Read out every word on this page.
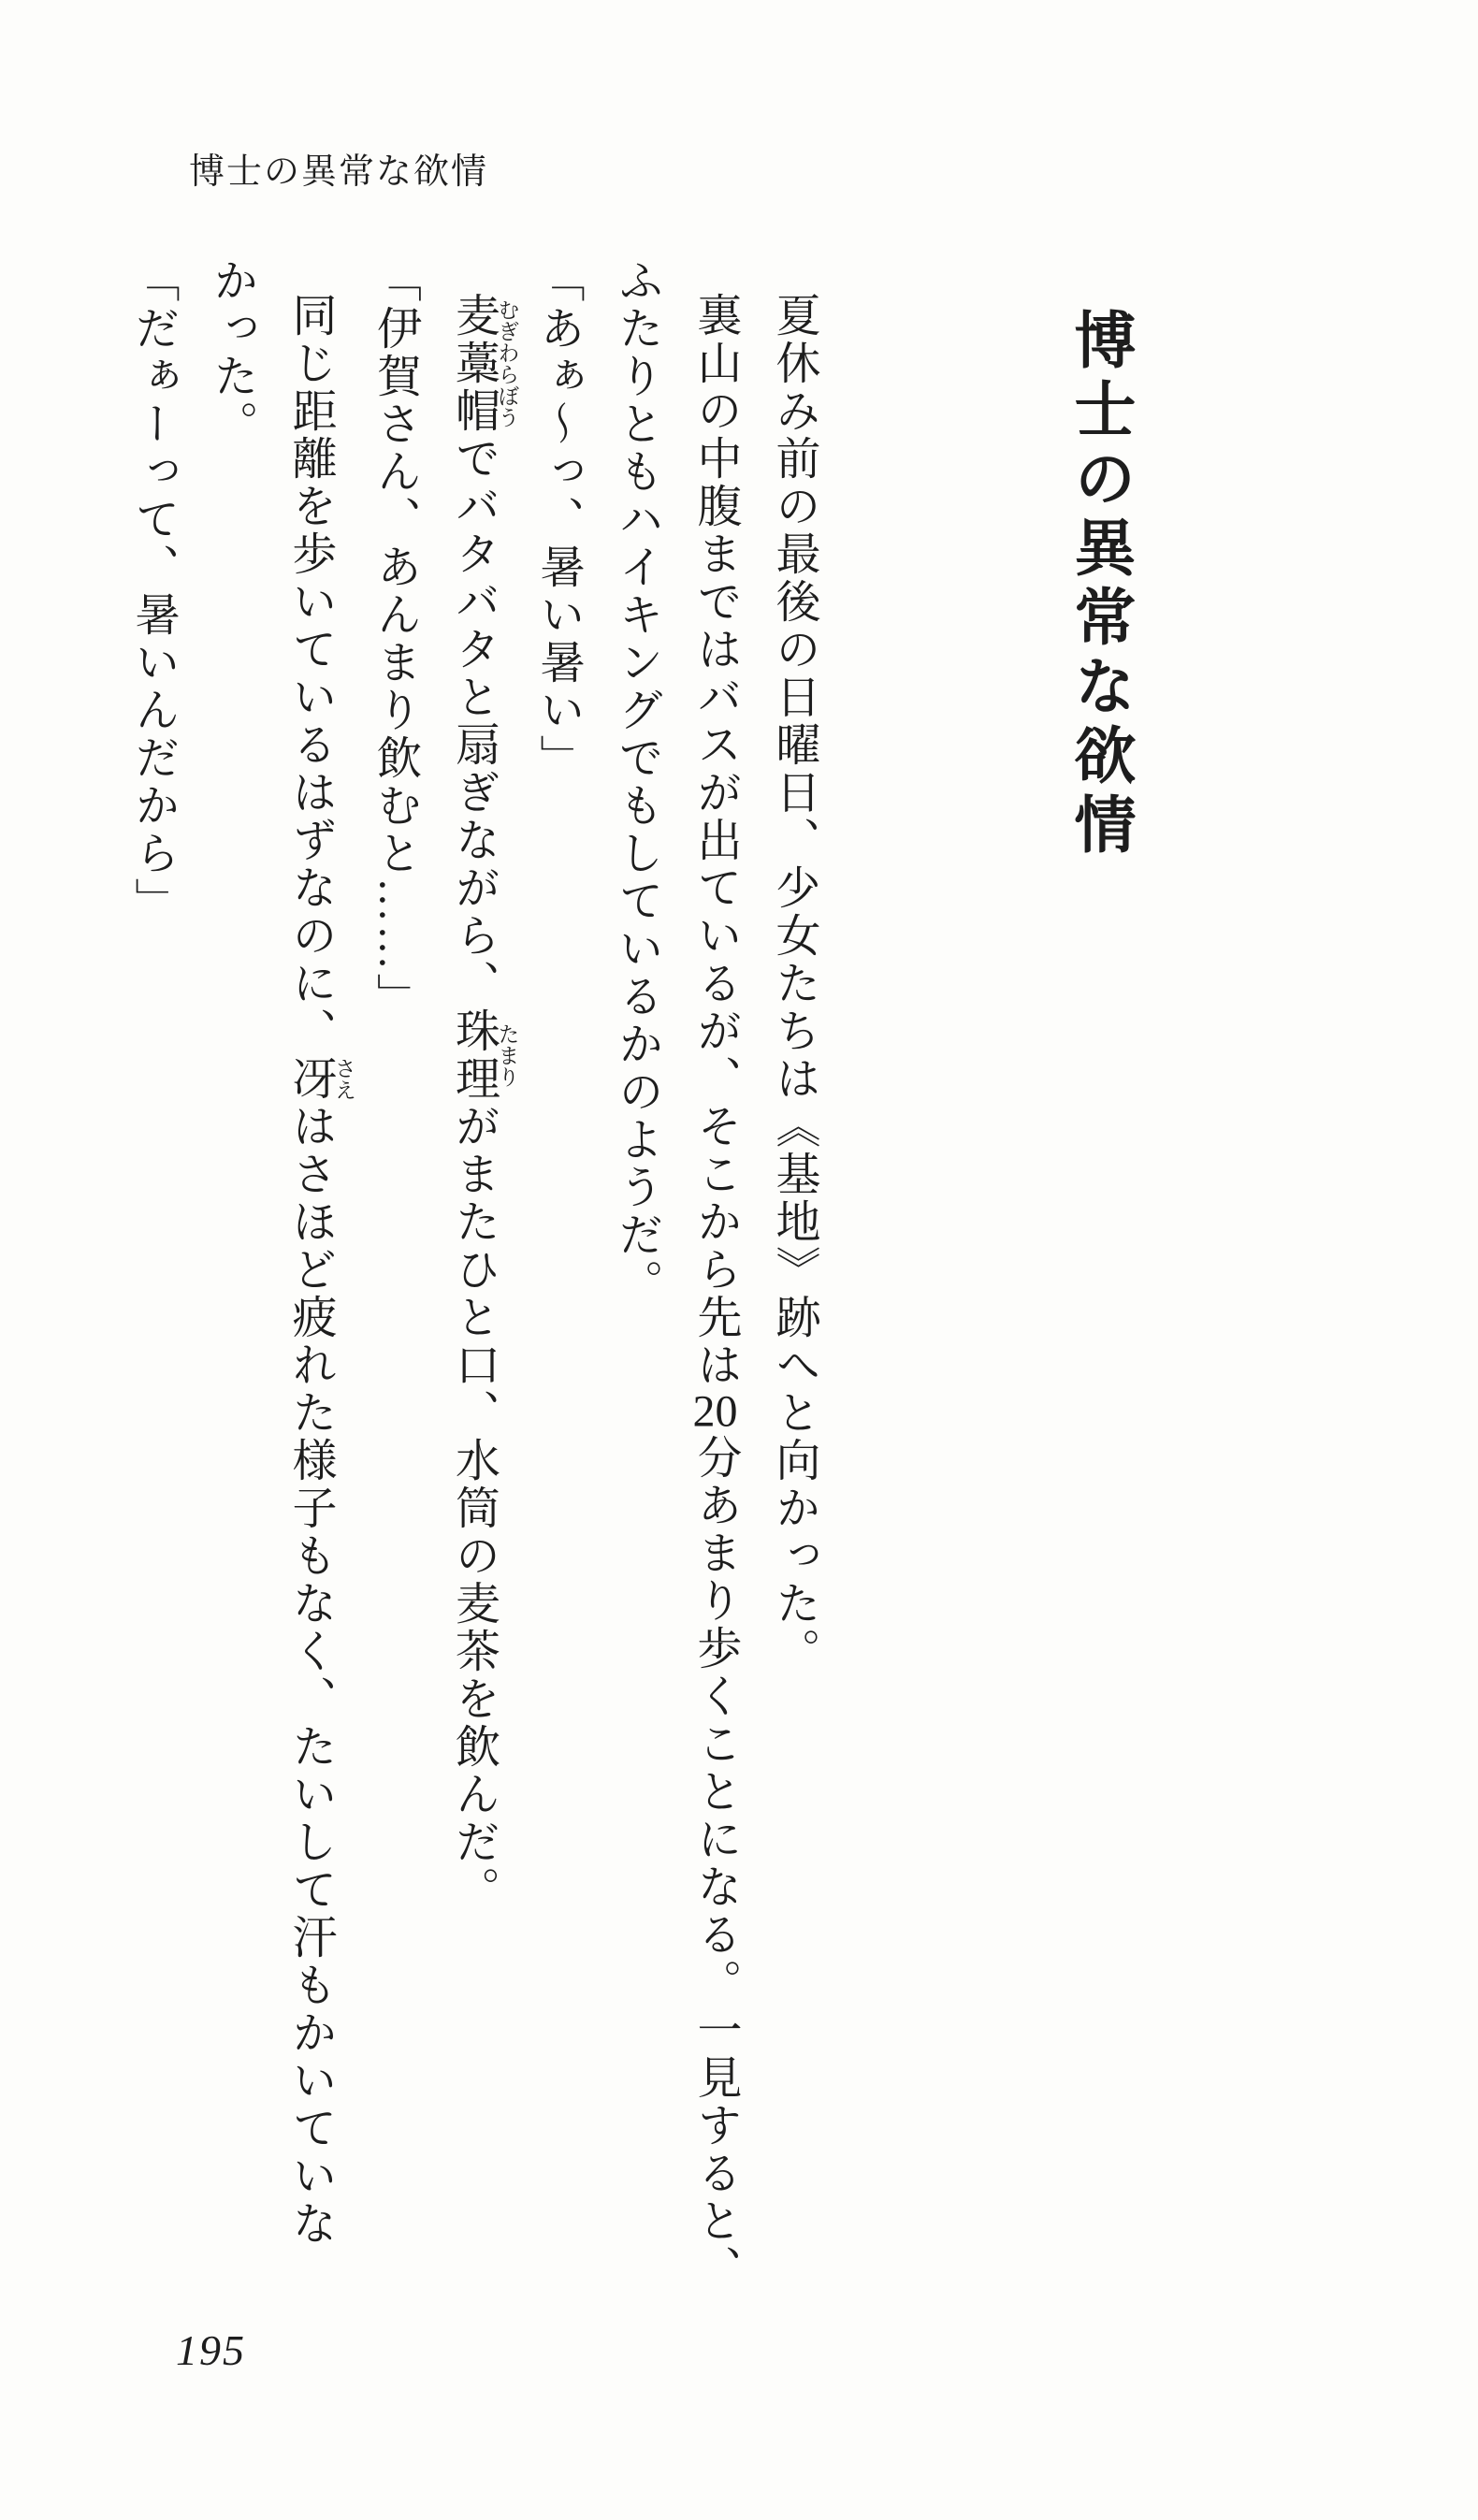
博士の異常な欲情
博士の異常な欲情

夏休み前の最後の日曜日、少女たちは《基地》跡へと向かった。

裏山の中腹まではバスが出ているが、そこから先は20分あまり歩くことになる。一見すると、
ふたりともハイキングでもしているかのようだ。

「あぁ～っ、暑い暑い」

麦藁帽むぎわらぼうでバタバタと扇ぎながら、珠理たまりがまたひと口、水筒の麦茶を飲んだ。

「伊賀さん、あんまり飲むと……」

同じ距離を歩いているはずなのに、冴さえはさほど疲れた様子もなく、たいして汗もかいていな
かった。

「だぁーって、暑いんだから」

195
